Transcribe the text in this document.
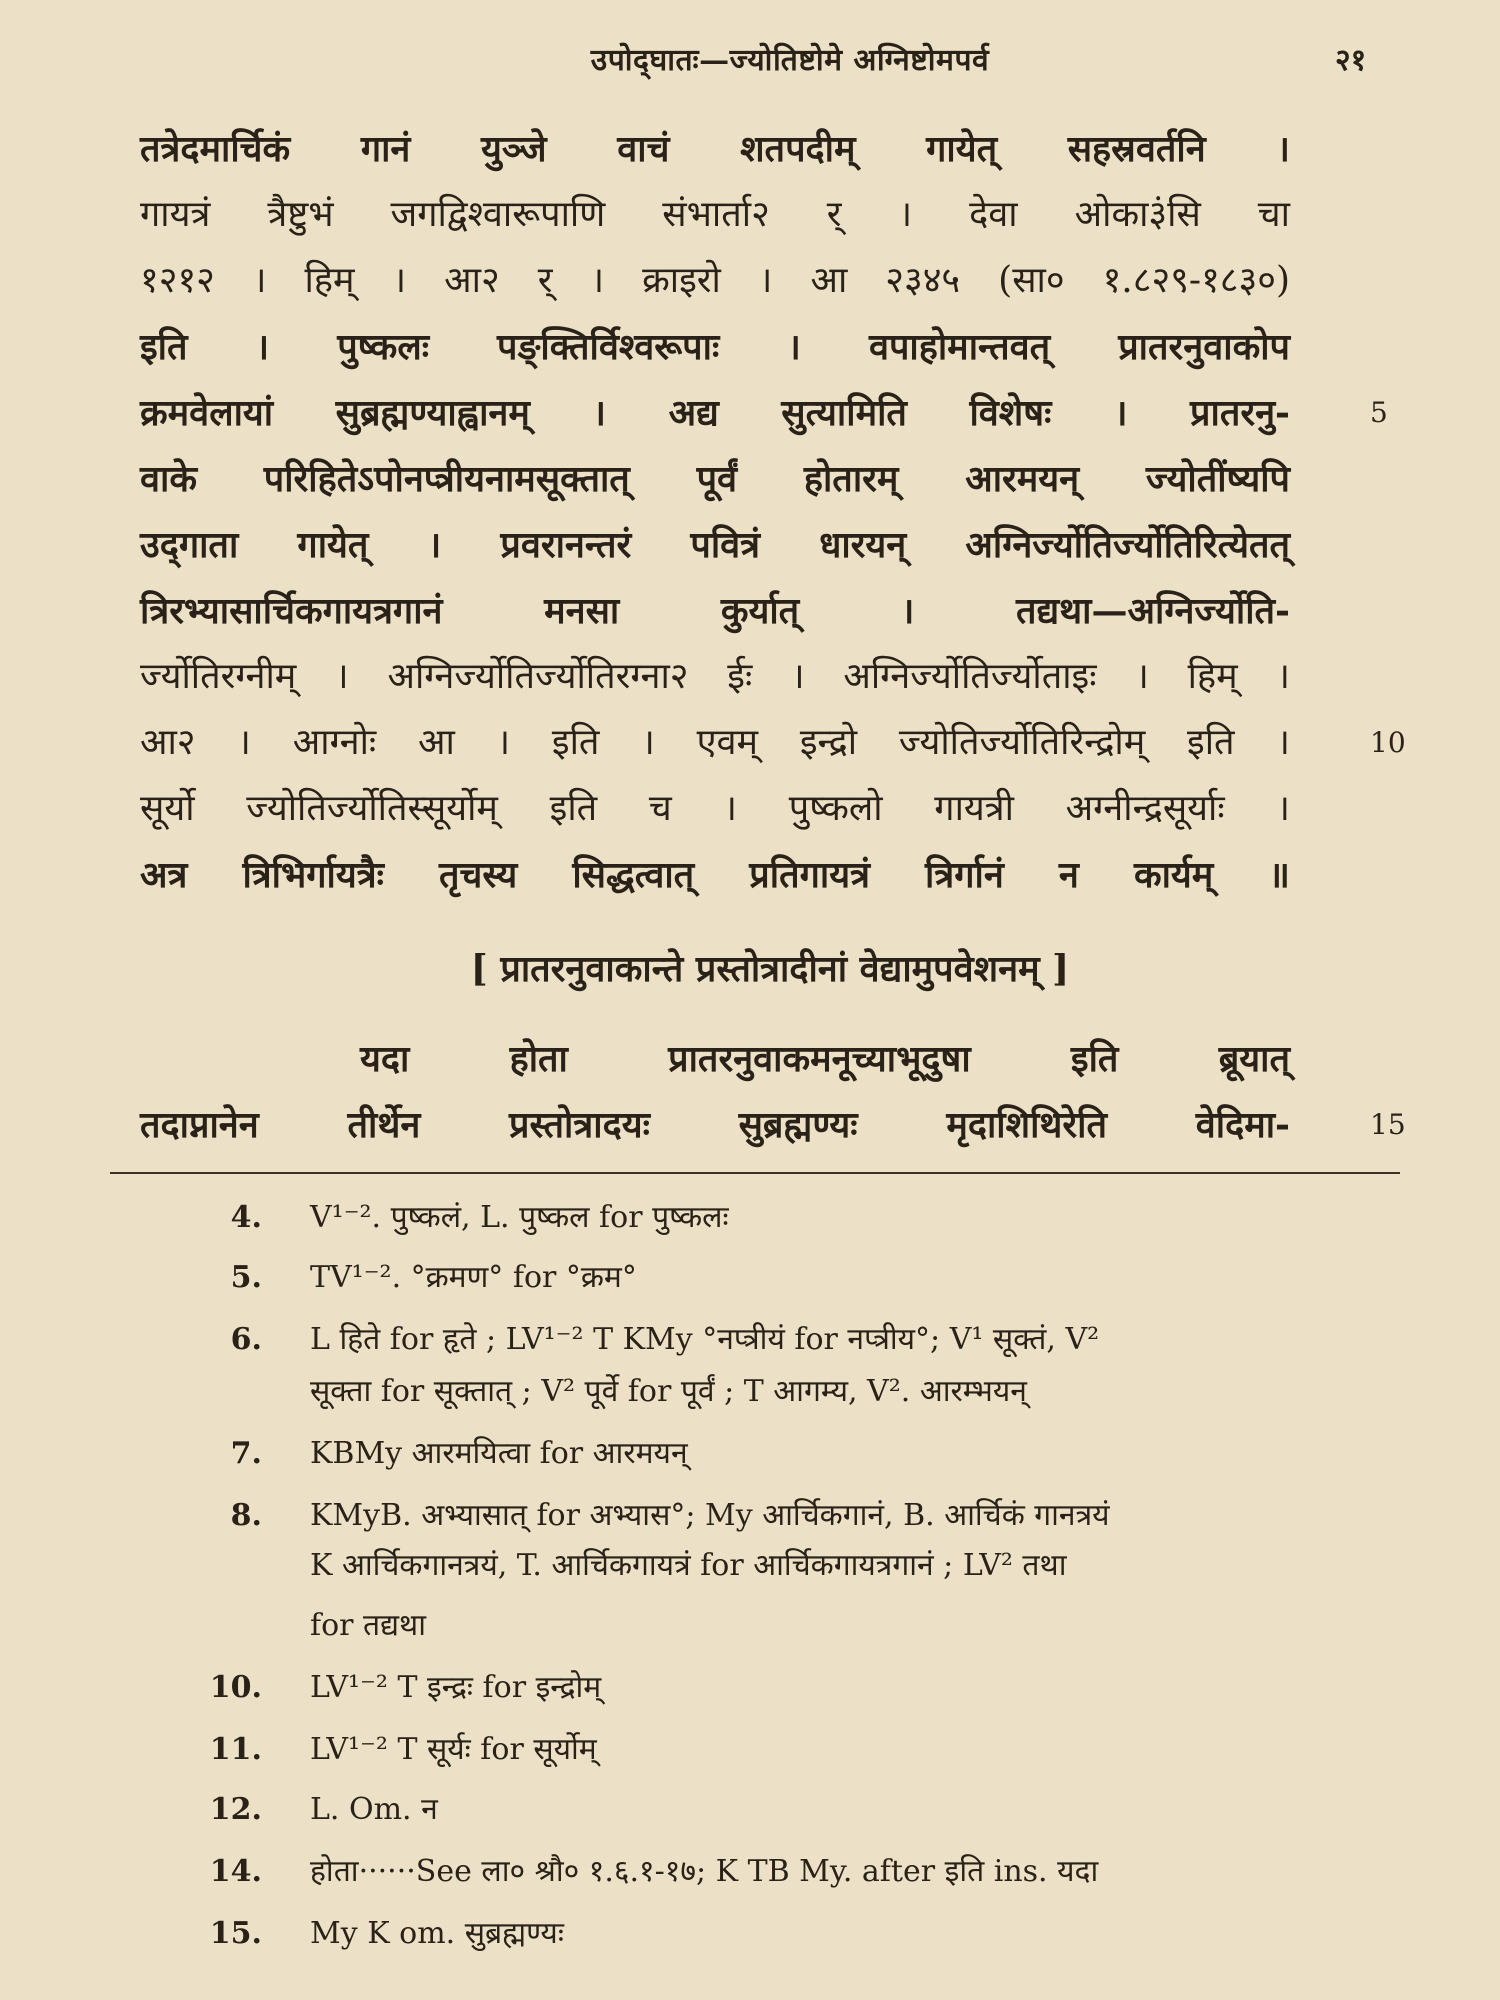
उपोद्‍घातः—ज्योतिष्टोमे अग्निष्टोमपर्व	२१
तत्रेदमार्चिकं गानं युञ्जे वाचं शतपदीम् गायेत् सहस्रवर्तनि ।
गायत्रं त्रैष्टुभं जगद्विश्वारूपाणि संभार्ता२ र् । देवा ओका३ंसि चा
१२१२ । हिम् । आ२ र् । क्राइरो । आ २३४५ (सा० १.८२९-१८३०)
इति । पुष्कलः पङ्क्तिर्विश्वरूपाः । वपाहोमान्तवत् प्रातरनुवाकोप
क्रमवेलायां सुब्रह्मण्याह्वानम् । अद्य सुत्यामिति विशेषः । प्रातरनु-	5
वाके परिहितेऽपोनप्त्रीयनामसूक्तात् पूर्वं होतारम् आरमयन् ज्योतींष्यपि
उद्‍गाता गायेत् । प्रवरानन्तरं पवित्रं धारयन् अग्निर्ज्योतिर्ज्योतिरित्येतत्
त्रिरभ्यासार्चिकगायत्रगानं मनसा कुर्यात् । तद्यथा—अग्निर्ज्योति-
र्ज्योतिरग्नीम् । अग्निर्ज्योतिर्ज्योतिरग्ना२ ईः । अग्निर्ज्योतिर्ज्योताइः । हिम् ।
आ२ । आग्नोः आ । इति । एवम् इन्द्रो ज्योतिर्ज्योतिरिन्द्रोम् इति ।	10
सूर्यो ज्योतिर्ज्योतिस्सूर्योम् इति च । पुष्कलो गायत्री अग्नीन्द्रसूर्याः ।
अत्र त्रिभिर्गायत्रैः तृचस्य सिद्धत्वात् प्रतिगायत्रं त्रिर्गानं न कार्यम् ॥
[ प्रातरनुवाकान्ते प्रस्तोत्रादीनां वेद्यामुपवेशनम् ]
यदा होता प्रातरनुवाकमनूच्याभूदुषा इति ब्रूयात्
तदाप्नानेन तीर्थेन प्रस्तोत्रादयः सुब्रह्मण्यः मृदाशिथिरेति वेदिमा-	15
4. V¹⁻². पुष्कलं, L. पुष्कल for पुष्कलः
5. TV¹⁻². °क्रमण° for °क्रम°
6. L हिते for हृते ; LV¹⁻² T KMy °नप्त्रीयं for नप्त्रीय°; V¹ सूक्तं, V²
सूक्ता for सूक्तात् ; V² पूर्वे for पूर्वं ; T आगम्य, V². आरम्भयन्
7. KBMy आरमयित्वा for आरमयन्
8. KMyB. अभ्यासात् for अभ्यास°; My आर्चिकगानं, B. आर्चिकं गानत्रयं
K आर्चिकगानत्रयं, T. आर्चिकगायत्रं for आर्चिकगायत्रगानं ; LV² तथा
for तद्यथा
10. LV¹⁻² T इन्द्रः for इन्द्रोम्
11. LV¹⁻² T सूर्यः for सूर्योम्
12. L. Om. न
14. होता······See ला० श्रौ० १.६.१-१७; K TB My. after इति ins. यदा
15. My K om. सुब्रह्मण्यः
